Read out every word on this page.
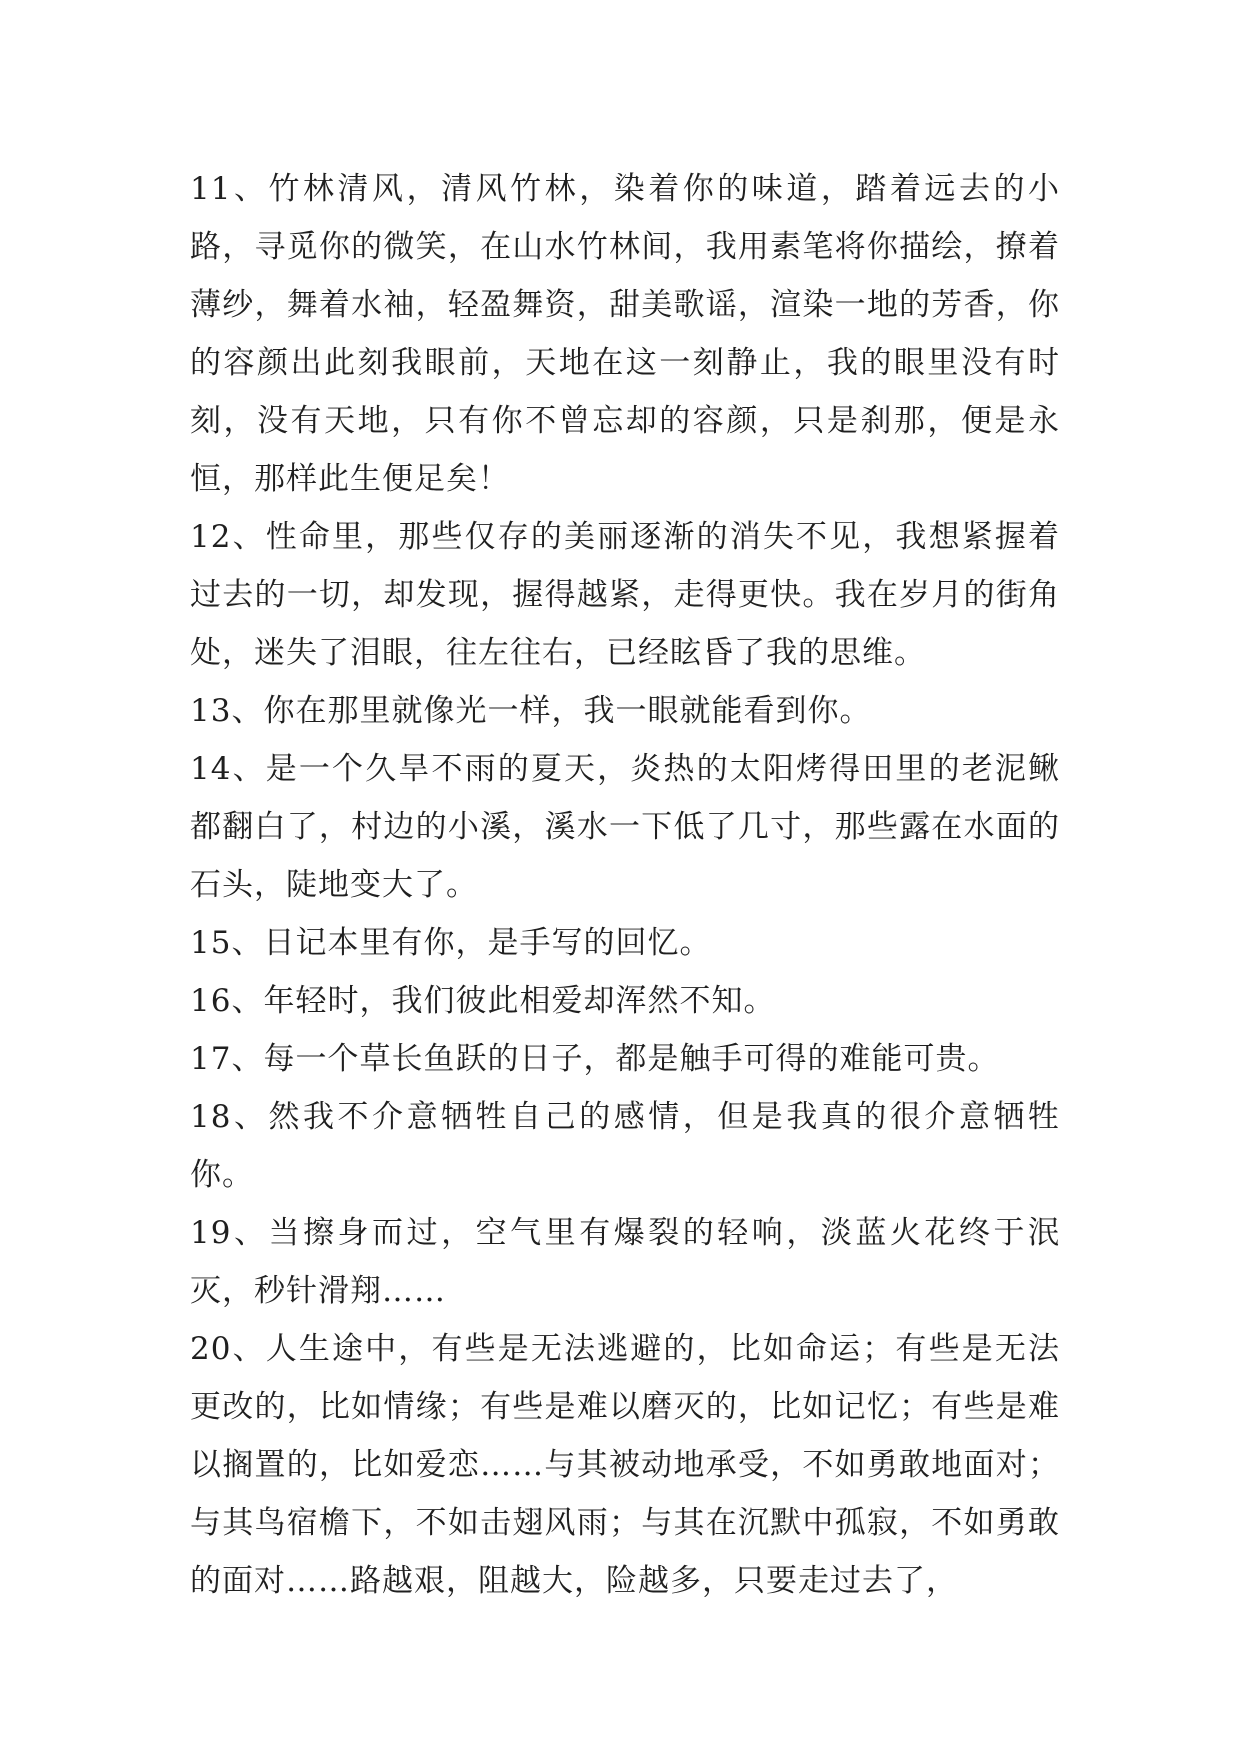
11、竹林清风，清风竹林，染着你的味道，踏着远去的小路，寻觅你的微笑，在山水竹林间，我用素笔将你描绘，撩着薄纱，舞着水袖，轻盈舞资，甜美歌谣，渲染一地的芳香，你的容颜出此刻我眼前，天地在这一刻静止，我的眼里没有时刻，没有天地，只有你不曾忘却的容颜，只是刹那，便是永恒，那样此生便足矣！

12、性命里，那些仅存的美丽逐渐的消失不见，我想紧握着过去的一切，却发现，握得越紧，走得更快。我在岁月的街角处，迷失了泪眼，往左往右，已经眩昏了我的思维。

13、你在那里就像光一样，我一眼就能看到你。

14、是一个久旱不雨的夏天，炎热的太阳烤得田里的老泥鳅都翻白了，村边的小溪，溪水一下低了几寸，那些露在水面的石头，陡地变大了。

15、日记本里有你，是手写的回忆。

16、年轻时，我们彼此相爱却浑然不知。

17、每一个草长鱼跃的日子，都是触手可得的难能可贵。

18、然我不介意牺牲自己的感情，但是我真的很介意牺牲你。

19、当擦身而过，空气里有爆裂的轻响，淡蓝火花终于泯灭，秒针滑翔……

20、人生途中，有些是无法逃避的，比如命运；有些是无法更改的，比如情缘；有些是难以磨灭的，比如记忆；有些是难以搁置的，比如爱恋……与其被动地承受，不如勇敢地面对；与其鸟宿檐下，不如击翅风雨；与其在沉默中孤寂，不如勇敢的面对……路越艰，阻越大，险越多，只要走过去了，
